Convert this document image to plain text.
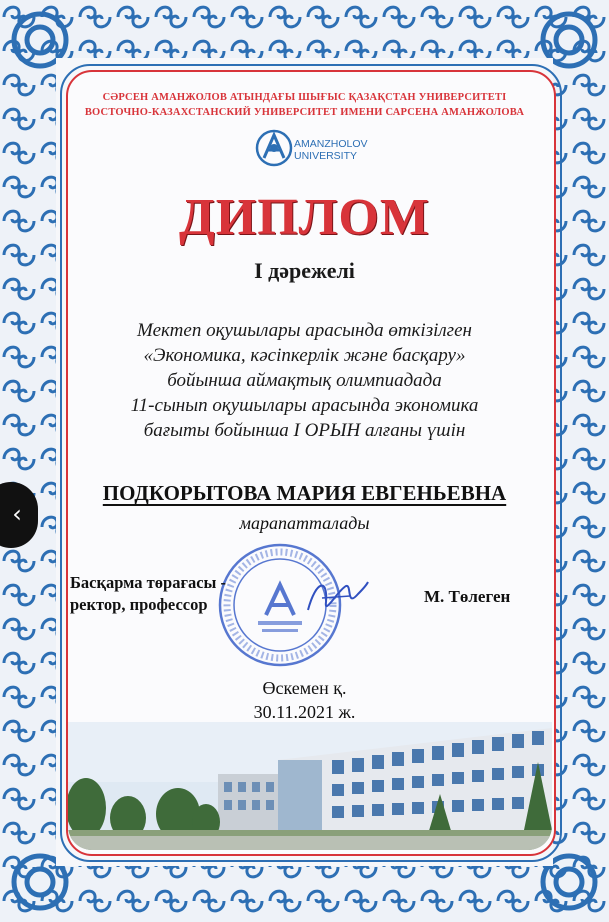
СӘРСЕН АМАНЖОЛОВ АТЫНДАҒЫ ШЫҒЫС ҚАЗАҚСТАН УНИВЕРСИТЕТІ
ВОСТОЧНО-КАЗАХСТАНСКИЙ УНИВЕРСИТЕТ ИМЕНИ САРСЕНА АМАНЖОЛОВА
AMANZHOLOV
UNIVERSITY
ДИПЛОМ
І дәрежелі
Мектеп оқушылары арасында өткізілген
«Экономика, кәсіпкерлік және басқару»
бойынша аймақтық олимпиадада
11-сынып оқушылары арасында экономика
бағыты бойынша І ОРЫН алғаны үшін
ПОДКОРЫТОВА МАРИЯ ЕВГЕНЬЕВНА
марапатталады
Басқарма төрағасы -
ректор, профессор	М. Төлеген
Өскемен қ.
30.11.2021 ж.
‹
